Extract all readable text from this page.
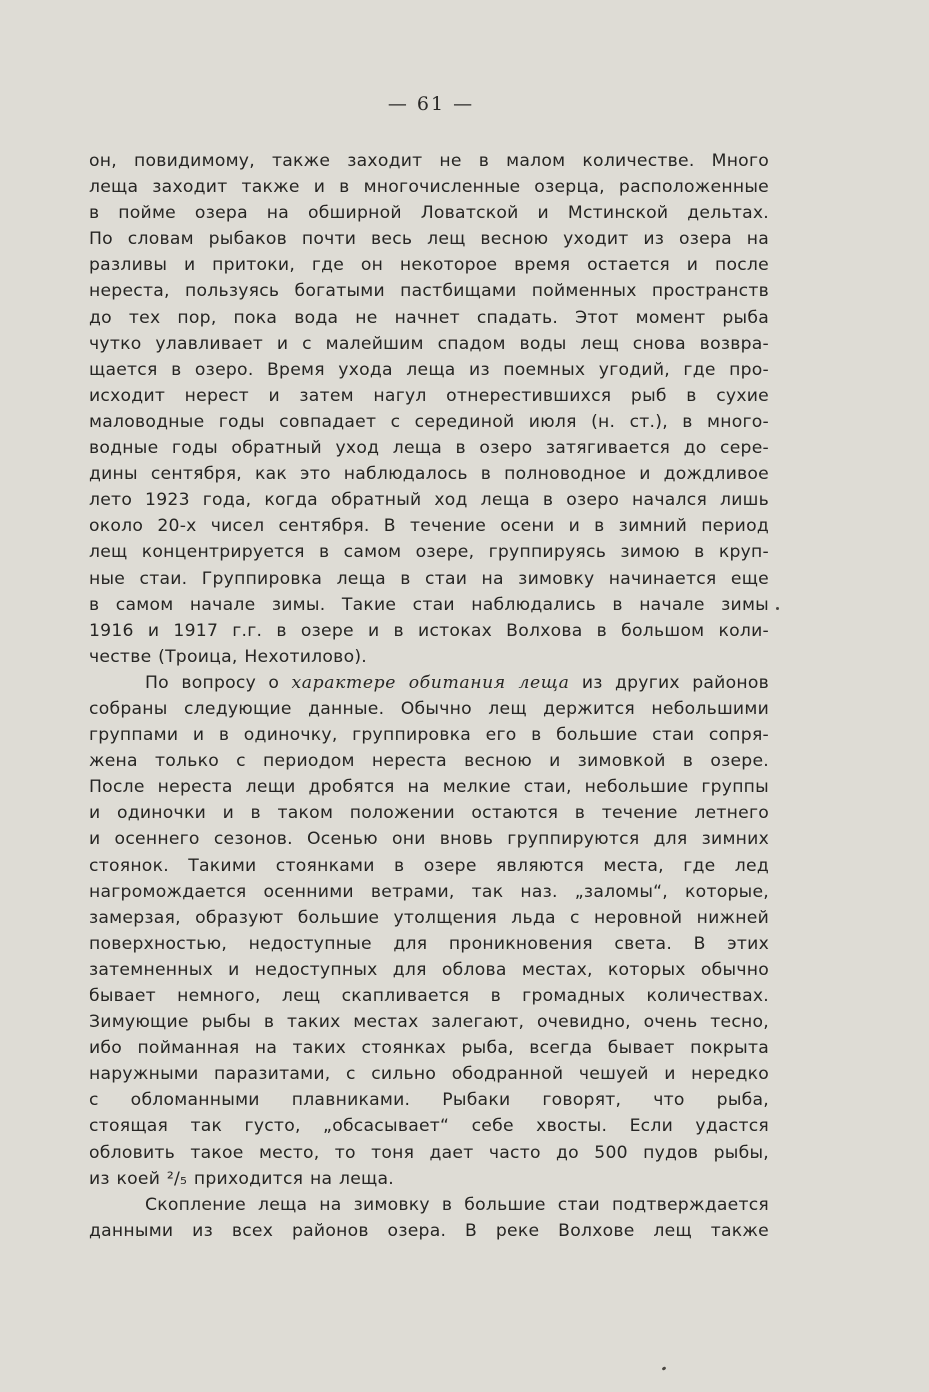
— 61 —
он, повидимому, также заходит не в малом количестве. Много
леща заходит также и в многочисленные озерца, расположенные
в пойме озера на обширной Ловатской и Мстинской дельтах.
По словам рыбаков почти весь лещ весною уходит из озера на
разливы и притоки, где он некоторое время остается и после
нереста, пользуясь богатыми пастбищами пойменных пространств
до тех пор, пока вода не начнет спадать. Этот момент рыба
чутко улавливает и с малейшим спадом воды лещ снова возвра-
щается в озеро. Время ухода леща из поемных угодий, где про-
исходит нерест и затем нагул отнерестившихся рыб в сухие
маловодные годы совпадает с серединой июля (н. ст.), в много-
водные годы обратный уход леща в озеро затягивается до сере-
дины сентября, как это наблюдалось в полноводное и дождливое
лето 1923 года, когда обратный ход леща в озеро начался лишь
около 20-х чисел сентября. В течение осени и в зимний период
лещ концентрируется в самом озере, группируясь зимою в круп-
ные стаи. Группировка леща в стаи на зимовку начинается еще
в самом начале зимы. Такие стаи наблюдались в начале зимы
1916 и 1917 г.г. в озере и в истоках Волхова в большом коли-
честве (Троица, Нехотилово).
По вопросу о характере обитания леща из других районов
собраны следующие данные. Обычно лещ держится небольшими
группами и в одиночку, группировка его в большие стаи сопря-
жена только с периодом нереста весною и зимовкой в озере.
После нереста лещи дробятся на мелкие стаи, небольшие группы
и одиночки и в таком положении остаются в течение летнего
и осеннего сезонов. Осенью они вновь группируются для зимних
стоянок. Такими стоянками в озере являются места, где лед
нагромождается осенними ветрами, так наз. „заломы“, которые,
замерзая, образуют большие утолщения льда с неровной нижней
поверхностью, недоступные для проникновения света. В этих
затемненных и недоступных для облова местах, которых обычно
бывает немного, лещ скапливается в громадных количествах.
Зимующие рыбы в таких местах залегают, очевидно, очень тесно,
ибо пойманная на таких стоянках рыба, всегда бывает покрыта
наружными паразитами, с сильно ободранной чешуей и нередко
с обломанными плавниками. Рыбаки говорят, что рыба,
стоящая так густо, „обсасывает“ себе хвосты. Если удастся
обловить такое место, то тоня дает часто до 500 пудов рыбы,
из коей ²/₅ приходится на леща.
Скопление леща на зимовку в большие стаи подтверждается
данными из всех районов озера. В реке Волхове лещ также
